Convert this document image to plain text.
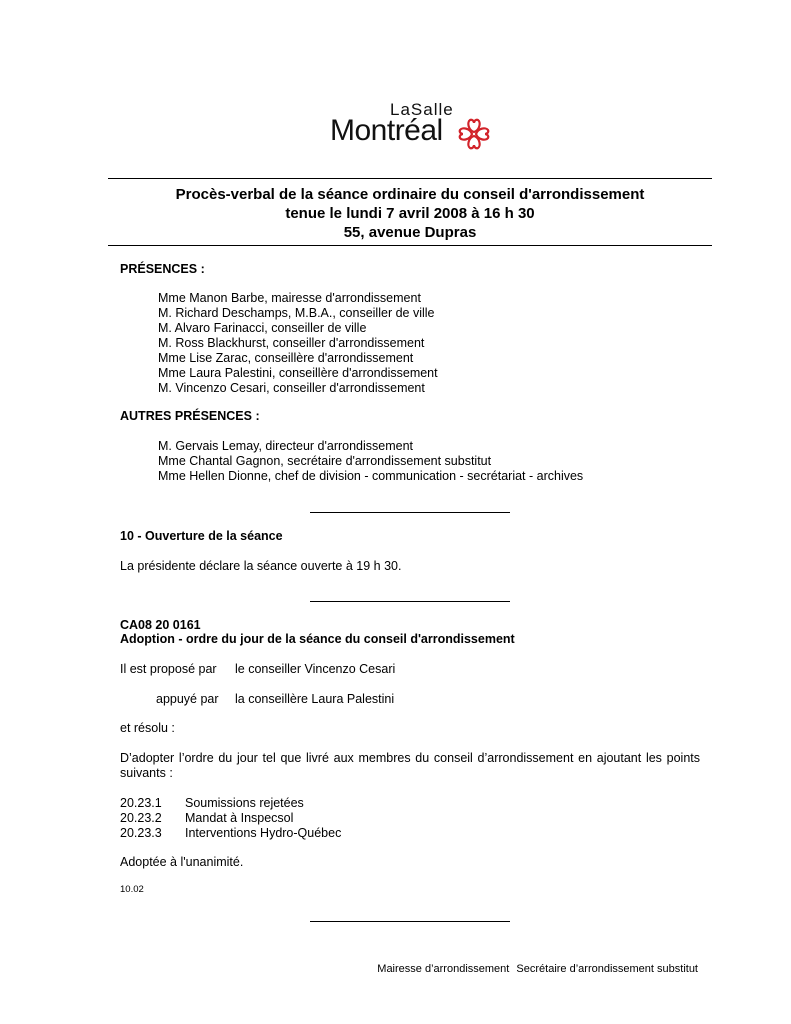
LaSalle
Montréal
Procès-verbal de la séance ordinaire du conseil d'arrondissement
tenue le lundi 7 avril 2008 à 16 h 30
55, avenue Dupras
PRÉSENCES :
Mme Manon Barbe, mairesse d'arrondissement
M. Richard Deschamps, M.B.A., conseiller de ville
M. Alvaro Farinacci, conseiller de ville
M. Ross Blackhurst, conseiller d'arrondissement
Mme Lise Zarac, conseillère d'arrondissement
Mme Laura Palestini, conseillère d'arrondissement
M. Vincenzo Cesari, conseiller d'arrondissement
AUTRES PRÉSENCES :
M. Gervais Lemay, directeur d'arrondissement
Mme Chantal Gagnon, secrétaire d'arrondissement substitut
Mme Hellen Dionne, chef de division - communication - secrétariat - archives
10 - Ouverture de la séance
La présidente déclare la séance ouverte à 19 h 30.
CA08 20 0161
Adoption - ordre du jour de la séance du conseil d'arrondissement
Il est proposé par le conseiller Vincenzo Cesari
appuyé par la conseillère Laura Palestini
et résolu :
D’adopter l’ordre du jour tel que livré aux membres du conseil d’arrondissement en ajoutant les points suivants :
20.23.1 Soumissions rejetées
20.23.2 Mandat à Inspecsol
20.23.3 Interventions Hydro-Québec
Adoptée à l'unanimité.
10.02
Mairesse d’arrondissement Secrétaire d’arrondissement substitut
